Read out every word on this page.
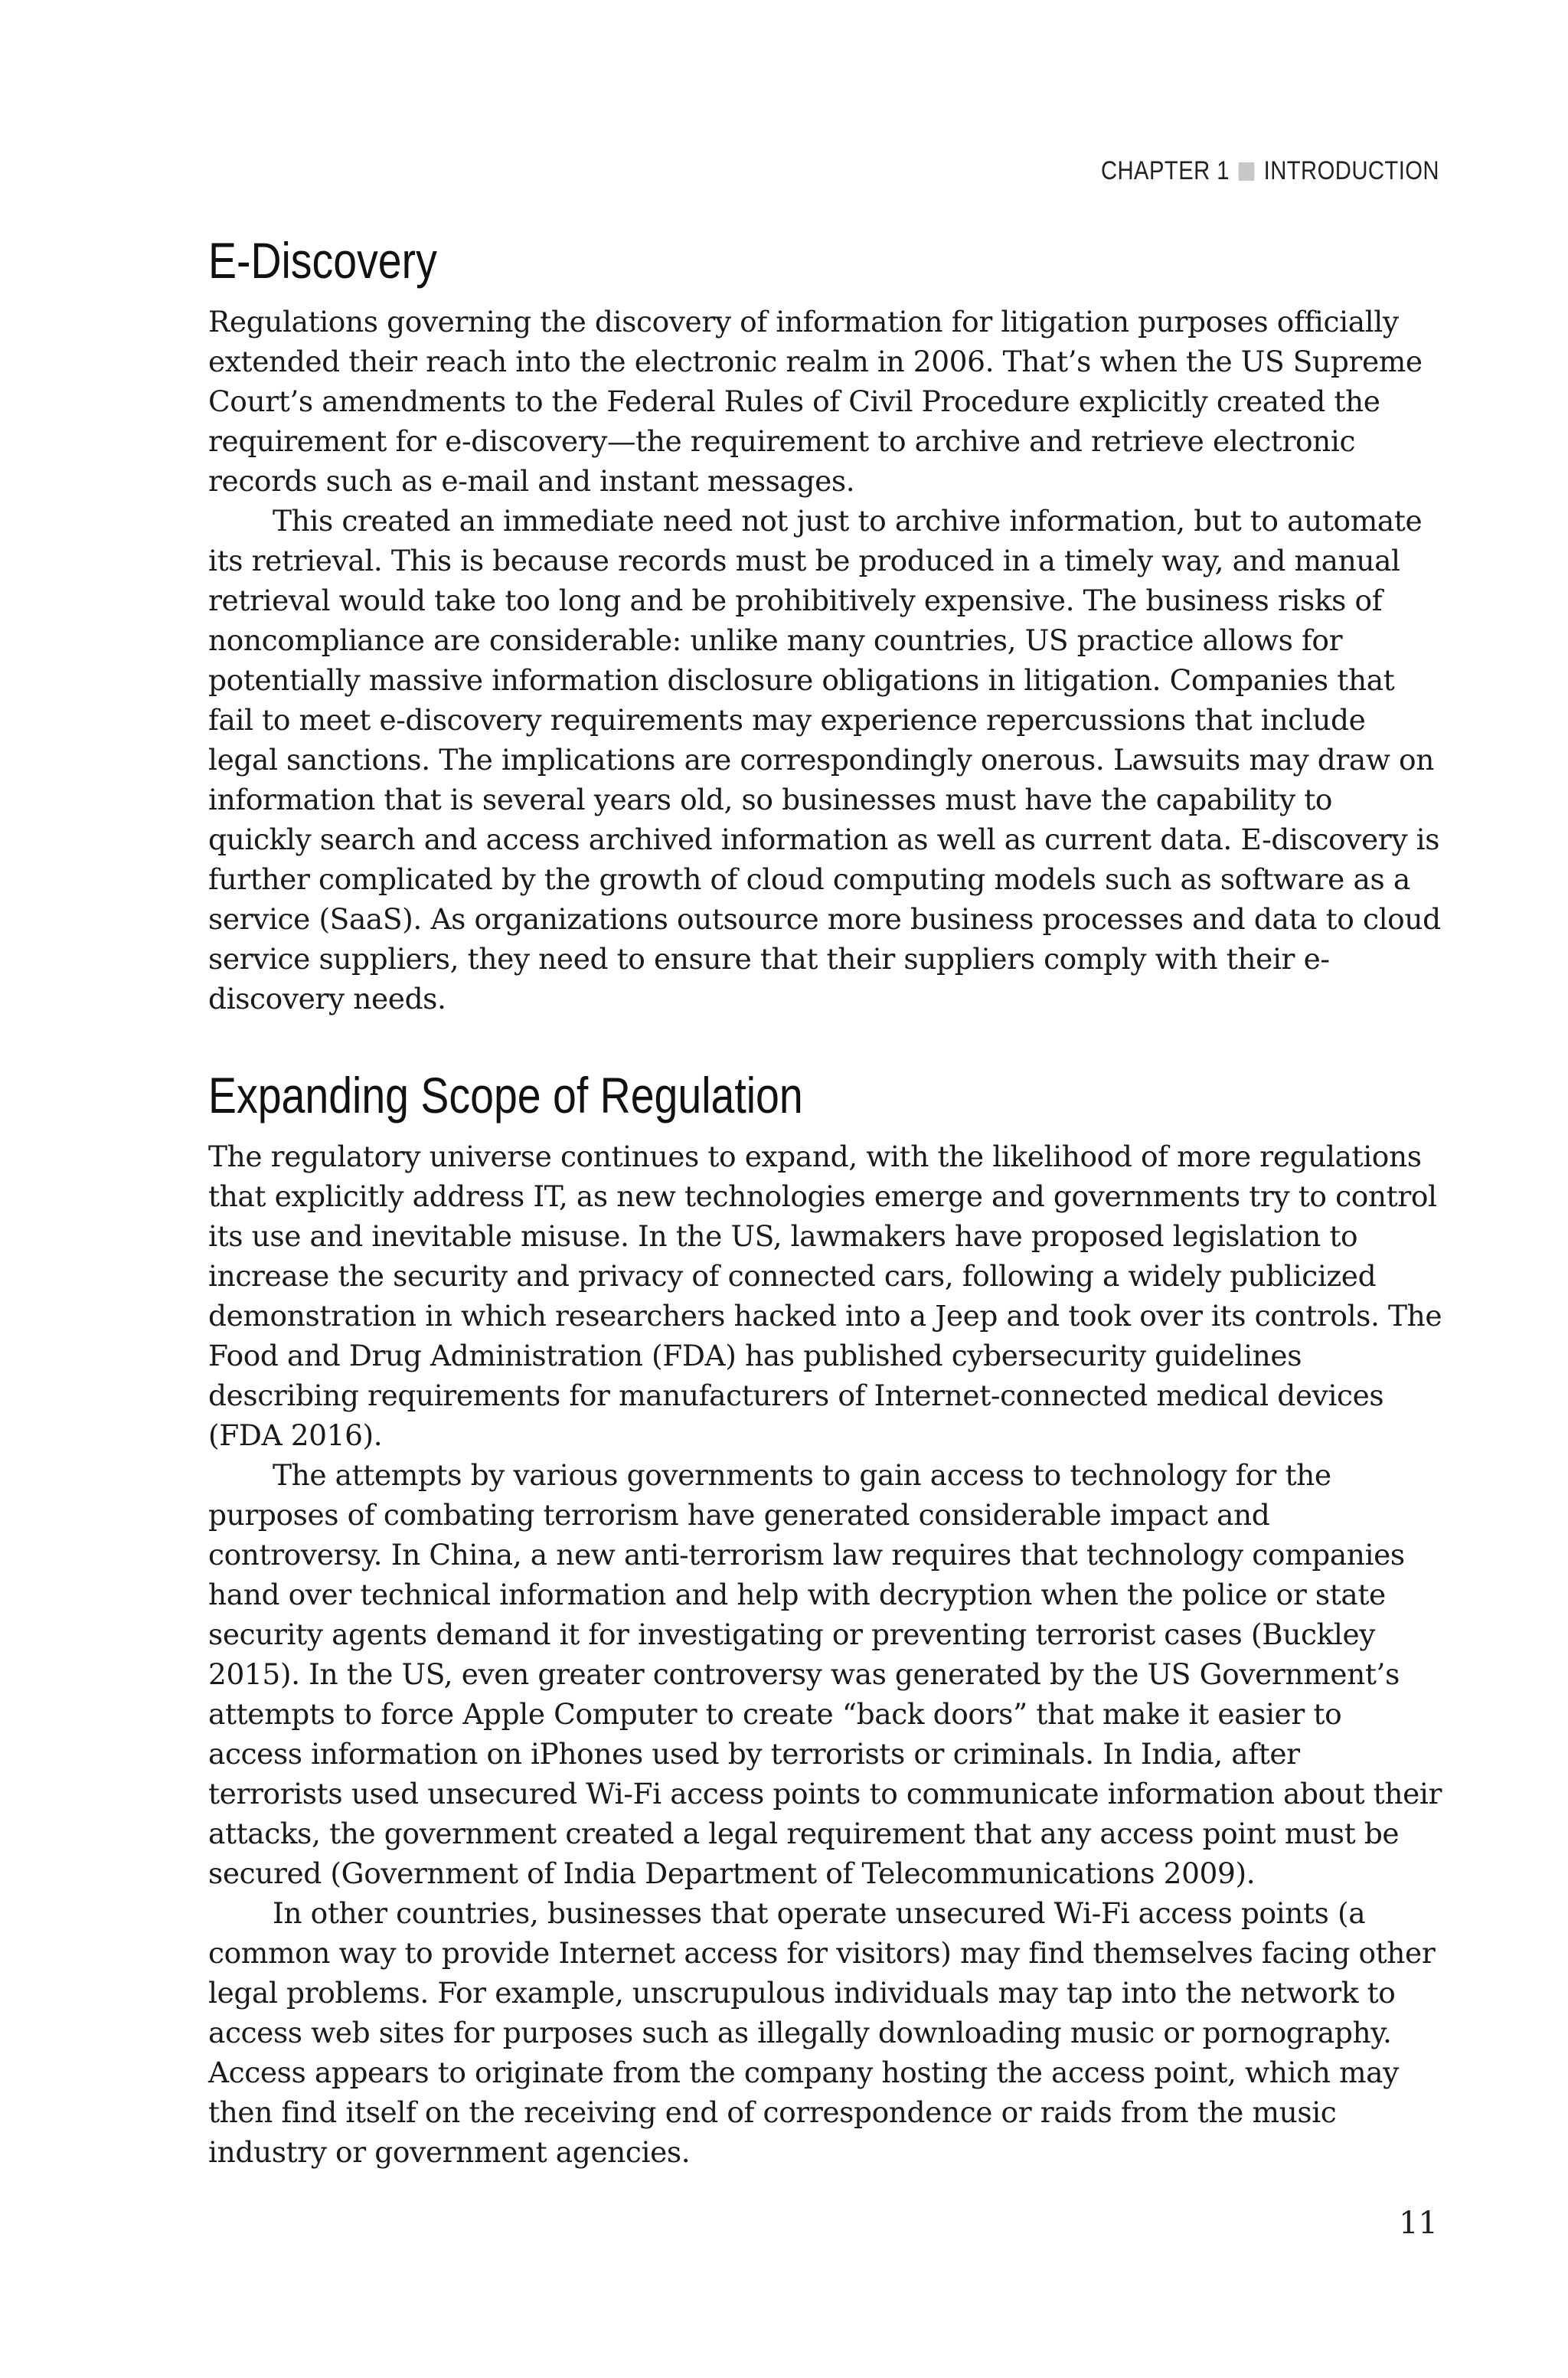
CHAPTER 1 INTRODUCTION
E-Discovery

Regulations governing the discovery of information for litigation purposes officially extended their reach into the electronic realm in 2006. That’s when the US Supreme Court’s amendments to the Federal Rules of Civil Procedure explicitly created the requirement for e-discovery—the requirement to archive and retrieve electronic records such as e-mail and instant messages.

This created an immediate need not just to archive information, but to automate its retrieval. This is because records must be produced in a timely way, and manual retrieval would take too long and be prohibitively expensive. The business risks of noncompliance are considerable: unlike many countries, US practice allows for potentially massive information disclosure obligations in litigation. Companies that fail to meet e-discovery requirements may experience repercussions that include legal sanctions. The implications are correspondingly onerous. Lawsuits may draw on information that is several years old, so businesses must have the capability to quickly search and access archived information as well as current data. E-discovery is further complicated by the growth of cloud computing models such as software as a service (SaaS). As organizations outsource more business processes and data to cloud service suppliers, they need to ensure that their suppliers comply with their e-discovery needs.

Expanding Scope of Regulation

The regulatory universe continues to expand, with the likelihood of more regulations that explicitly address IT, as new technologies emerge and governments try to control its use and inevitable misuse. In the US, lawmakers have proposed legislation to increase the security and privacy of connected cars, following a widely publicized demonstration in which researchers hacked into a Jeep and took over its controls. The Food and Drug Administration (FDA) has published cybersecurity guidelines describing requirements for manufacturers of Internet-connected medical devices (FDA 2016).

The attempts by various governments to gain access to technology for the purposes of combating terrorism have generated considerable impact and controversy. In China, a new anti-terrorism law requires that technology companies hand over technical information and help with decryption when the police or state security agents demand it for investigating or preventing terrorist cases (Buckley 2015). In the US, even greater controversy was generated by the US Government’s attempts to force Apple Computer to create “back doors” that make it easier to access information on iPhones used by terrorists or criminals. In India, after terrorists used unsecured Wi-Fi access points to communicate information about their attacks, the government created a legal requirement that any access point must be secured (Government of India Department of Telecommunications 2009).

In other countries, businesses that operate unsecured Wi-Fi access points (a common way to provide Internet access for visitors) may find themselves facing other legal problems. For example, unscrupulous individuals may tap into the network to access web sites for purposes such as illegally downloading music or pornography. Access appears to originate from the company hosting the access point, which may then find itself on the receiving end of correspondence or raids from the music industry or government agencies.

11
